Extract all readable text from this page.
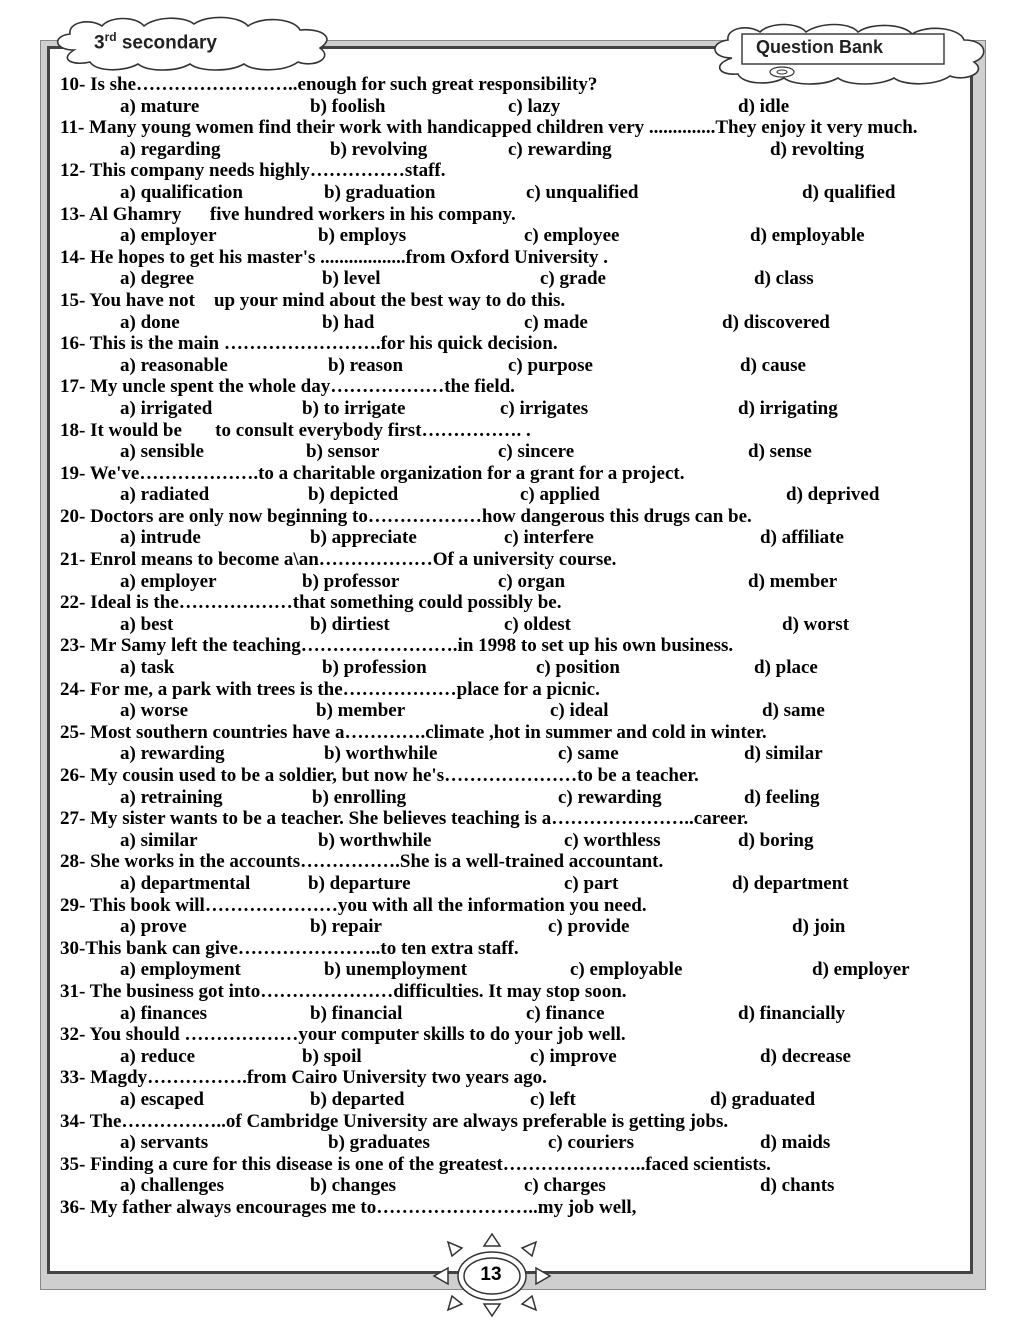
3rd secondary	Question Bank
10- Is she……………………..enough for such great responsibility?
a) mature	b) foolish	c) lazy	d) idle
11- Many young women find their work with handicapped children very ..............They enjoy it very much.
a) regarding	b) revolving	c) rewarding	d) revolting
12- This company needs highly……………staff.
a) qualification	b) graduation	c) unqualified	d) qualified
13- Al Ghamry      five hundred workers in his company.
a) employer	b) employs	c) employee	d) employable
14- He hopes to get his master's ..................from Oxford University .
a) degree	b) level	c) grade	d) class
15- You have not    up your mind about the best way to do this.
a) done	b) had	c) made	d) discovered
16- This is the main …………………….for his quick decision.
a) reasonable	b) reason	c) purpose	d) cause
17- My uncle spent the whole day………………the field.
a) irrigated	b) to irrigate	c) irrigates	d) irrigating
18- It would be       to consult everybody first……………. .
a) sensible	b) sensor	c) sincere	d) sense
19- We've……………….to a charitable organization for a grant for a project.
a) radiated	b) depicted	c) applied	d) deprived
20- Doctors are only now beginning to………………how dangerous this drugs can be.
a) intrude	b) appreciate	c) interfere	d) affiliate
21- Enrol means to become a\an………………Of a university course.
a) employer	b) professor	c) organ	d) member
22- Ideal is the………………that something could possibly be.
a) best	b) dirtiest	c) oldest	d) worst
23- Mr Samy left the teaching…………………….in 1998 to set up his own business.
a) task	b) profession	c) position	d) place
24- For me, a park with trees is the………………place for a picnic.
a) worse	b) member	c) ideal	d) same
25- Most southern countries have a………….climate ,hot in summer and cold in winter.
a) rewarding	b) worthwhile	c) same	d) similar
26- My cousin used to be a soldier, but now he's…………………to be a teacher.
a) retraining	b) enrolling	c) rewarding	d) feeling
27- My sister wants to be a teacher. She believes teaching is a…………………..career.
a) similar	b) worthwhile	c) worthless	d) boring
28- She works in the accounts…………….She is a well-trained accountant.
a) departmental	b) departure	c) part	d) department
29- This book will…………………you with all the information you need.
a) prove	b) repair	c) provide	d) join
30-This bank can give…………………..to ten extra staff.
a) employment	b) unemployment	c) employable	d) employer
31- The business got into…………………difficulties. It may stop soon.
a) finances	b) financial	c) finance	d) financially
32- You should ………………your computer skills to do your job well.
a) reduce	b) spoil	c) improve	d) decrease
33- Magdy…………….from Cairo University two years ago.
a) escaped	b) departed	c) left	d) graduated
34- The……………..of Cambridge University are always preferable is getting jobs.
a) servants	b) graduates	c) couriers	d) maids
35- Finding a cure for this disease is one of the greatest…………………..faced scientists.
a) challenges	b) changes	c) charges	d) chants
36- My father always encourages me to……………………..my job well,
13
